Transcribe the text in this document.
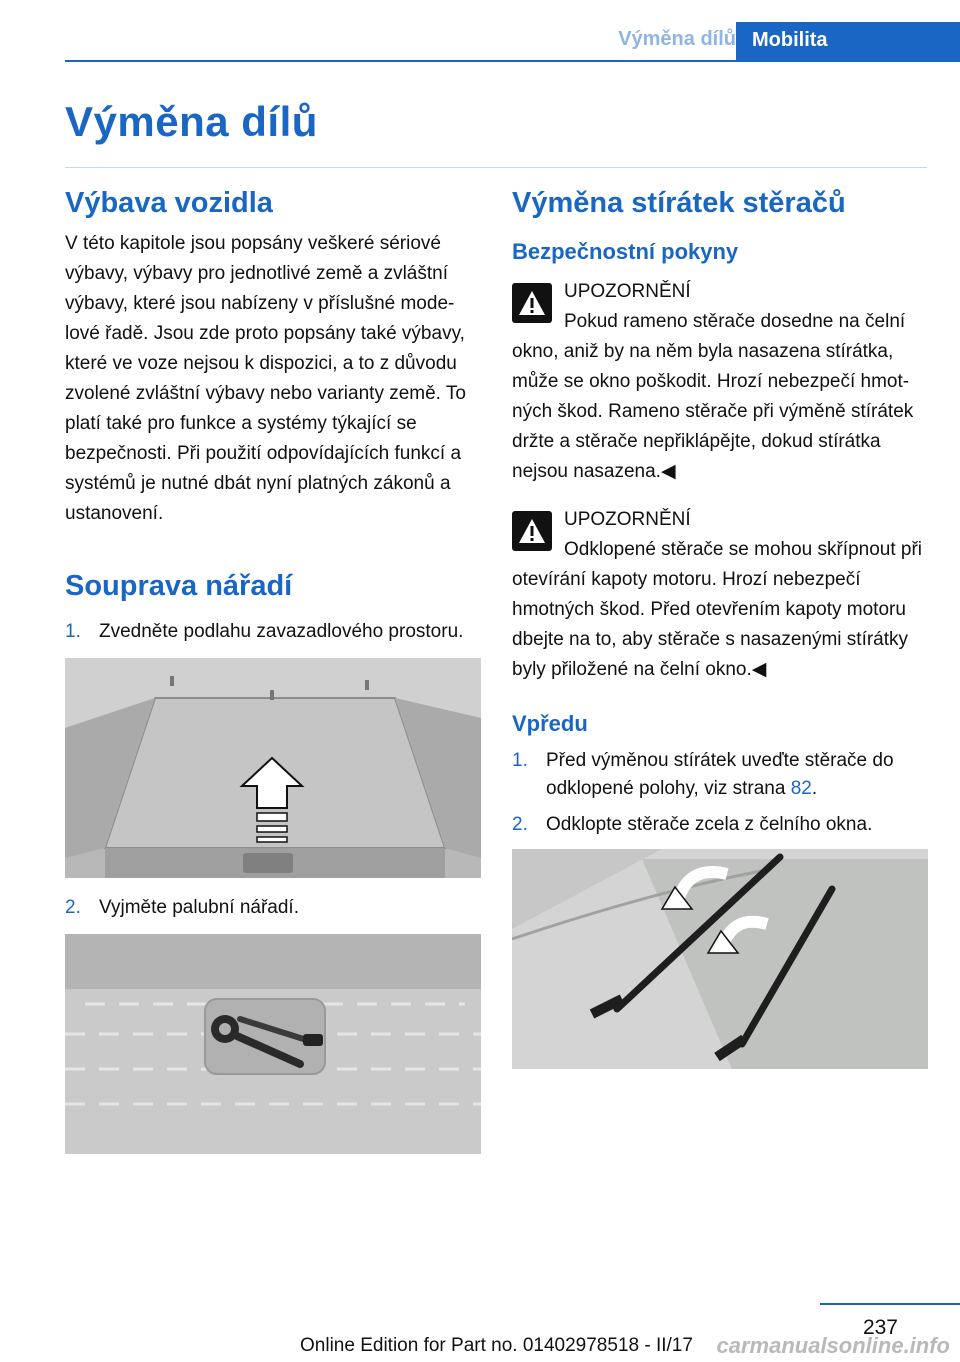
Výměna dílů Mobilita
Výměna dílů
Výbava vozidla

V této kapitole jsou popsány veškeré sériové výbavy, výbavy pro jednotlivé země a zvláštní výbavy, které jsou nabízeny v příslušné modelové řadě. Jsou zde proto popsány také výbavy, které ve voze nejsou k dispozici, a to z důvodu zvolené zvláštní výbavy nebo varianty země. To platí také pro funkce a systémy týkající se bezpečnosti. Při použití odpovídajících funkcí a systémů je nutné dbát nyní platných zákonů a ustanovení.

Souprava nářadí
1. Zvedněte podlahu zavazadlového prostoru.
2. Vyjměte palubní nářadí.
Výměna stírátek stěračů
Bezpečnostní pokyny
UPOZORNĚNÍ
Pokud rameno stěrače dosedne na čelní okno, aniž by na něm byla nasazena stírátka, může se okno poškodit. Hrozí nebezpečí hmotných škod. Rameno stěrače při výměně stírátek držte a stěrače nepřiklápějte, dokud stírátka nejsou nasazena.◀
UPOZORNĚNÍ
Odklopené stěrače se mohou skřípnout při otevírání kapoty motoru. Hrozí nebezpečí hmotných škod. Před otevřením kapoty motoru dbejte na to, aby stěrače s nasazenými stírátky byly přiložené na čelní okno.◀
Vpředu
1. Před výměnou stírátek uveďte stěrače do odklopené polohy, viz strana 82.
2. Odklopte stěrače zcela z čelního okna.
237
Online Edition for Part no. 01402978518 - II/17 carmanualsonline.info
